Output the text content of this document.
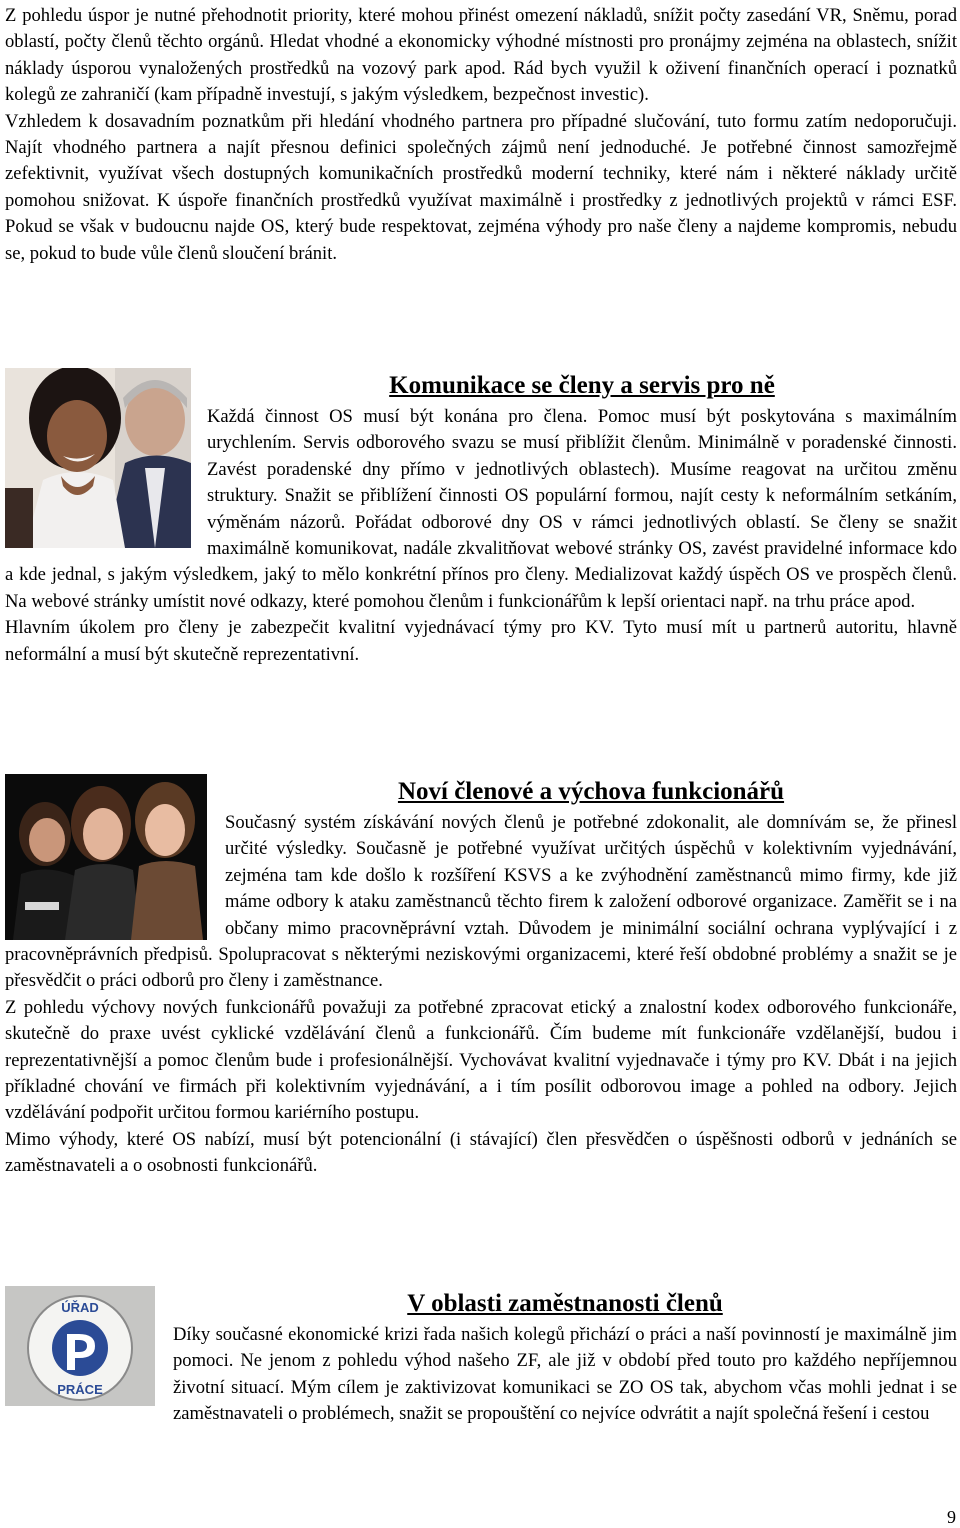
Z pohledu úspor je nutné přehodnotit priority, které mohou přinést omezení nákladů, snížit počty zasedání VR, Sněmu, porad oblastí, počty členů těchto orgánů. Hledat vhodné a ekonomicky výhodné místnosti pro pronájmy zejména na oblastech, snížit náklady úsporou vynaložených prostředků na vozový park apod. Rád bych využil k oživení finančních operací i poznatků kolegů ze zahraničí (kam případně investují, s jakým výsledkem, bezpečnost investic).

Vzhledem k dosavadním poznatkům při hledání vhodného partnera pro případné slučování, tuto formu zatím nedoporučuji. Najít vhodného partnera a najít přesnou definici společných zájmů není jednoduché. Je potřebné činnost samozřejmě zefektivnit, využívat všech dostupných komunikačních prostředků moderní techniky, které nám i některé náklady určitě pomohou snižovat. K úspoře finančních prostředků využívat maximálně i prostředky z jednotlivých projektů v rámci ESF. Pokud se však v budoucnu najde OS, který bude respektovat, zejména výhody pro naše členy a najdeme kompromis, nebudu se, pokud to bude vůle členů sloučení bránit.

Komunikace se členy a servis pro ně

Každá činnost OS musí být konána pro člena. Pomoc musí být poskytována s maximálním urychlením. Servis odborového svazu se musí přiblížit členům. Minimálně v poradenské činnosti. Zavést poradenské dny přímo v jednotlivých oblastech). Musíme reagovat na určitou změnu struktury. Snažit se přiblížení činnosti OS populární formou, najít cesty k neformálním setkáním, výměnám názorů. Pořádat odborové dny OS v rámci jednotlivých oblastí. Se členy se snažit maximálně komunikovat, nadále zkvalitňovat webové stránky OS, zavést pravidelné informace kdo a kde jednal, s jakým výsledkem, jaký to mělo konkrétní přínos pro členy. Medializovat každý úspěch OS ve prospěch členů. Na webové stránky umístit nové odkazy, které pomohou členům i funkcionářům k lepší orientaci např. na trhu práce apod.

Hlavním úkolem pro členy je zabezpečit kvalitní vyjednávací týmy pro KV. Tyto musí mít u partnerů autoritu, hlavně neformální a musí být skutečně reprezentativní.

Noví členové a výchova funkcionářů

Současný systém získávání nových členů je potřebné zdokonalit, ale domnívám se, že přinesl určité výsledky. Současně je potřebné využívat určitých úspěchů v kolektivním vyjednávání, zejména tam kde došlo k rozšíření KSVS a ke zvýhodnění zaměstnanců mimo firmy, kde již máme odbory k ataku zaměstnanců těchto firem k založení odborové organizace. Zaměřit se i na občany mimo pracovněprávní vztah. Důvodem je minimální sociální ochrana vyplývající i z pracovněprávních předpisů. Spolupracovat s některými neziskovými organizacemi, které řeší obdobné problémy a snažit se je přesvědčit o práci odborů pro členy i zaměstnance.

Z pohledu výchovy nových funkcionářů považuji za potřebné zpracovat etický a znalostní kodex odborového funkcionáře, skutečně do praxe uvést cyklické vzdělávání členů a funkcionářů. Čím budeme mít funkcionáře vzdělanější, budou i reprezentativnější a pomoc členům bude i profesionálnější. Vychovávat kvalitní vyjednavače i týmy pro KV. Dbát i na jejich příkladné chování ve firmách při kolektivním vyjednávání, a i tím posílit odborovou image a pohled na odbory. Jejich vzdělávání podpořit určitou formou kariérního postupu.

Mimo výhody, které OS nabízí, musí být potencionální (i stávající) člen přesvědčen o úspěšnosti odborů v jednáních se zaměstnavateli a o osobnosti funkcionářů.

ÚŘAD
PRÁCE
V oblasti zaměstnanosti členů

Díky současné ekonomické krizi řada našich kolegů přichází o práci a naší povinností je maximálně jim pomoci. Ne jenom z pohledu výhod našeho ZF, ale již v období před touto pro každého nepříjemnou životní situací. Mým cílem je zaktivizovat komunikaci se ZO OS tak, abychom včas mohli jednat i se zaměstnavateli o problémech, snažit se propouštění co nejvíce odvrátit a najít společná řešení i cestou

9
